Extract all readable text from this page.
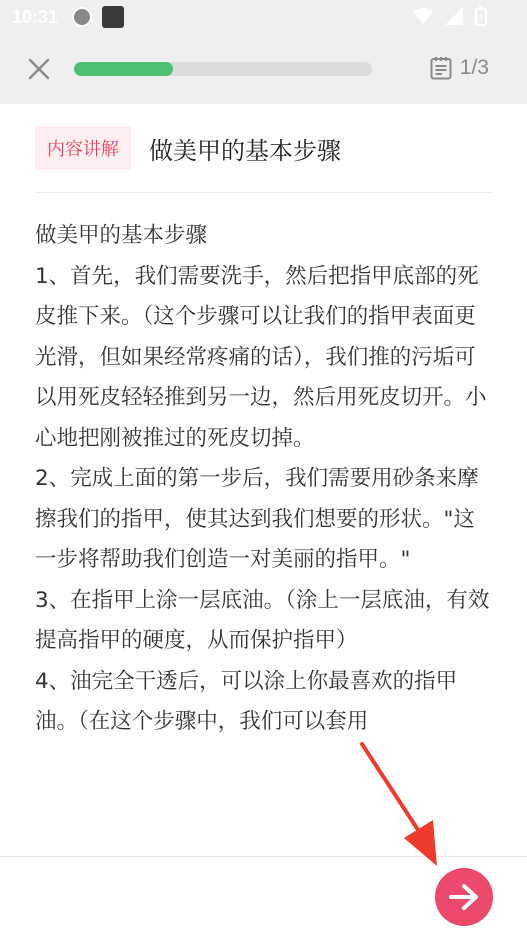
10:31
1/3
内容讲解	做美甲的基本步骤

做美甲的基本步骤

1、首先，我们需要洗手，然后把指甲底部的死皮推下来。（这个步骤可以让我们的指甲表面更光滑，但如果经常疼痛的话），我们推的污垢可以用死皮轻轻推到另一边，然后用死皮切开。小心地把刚被推过的死皮切掉。

2、完成上面的第一步后，我们需要用砂条来摩擦我们的指甲，使其达到我们想要的形状。"这一步将帮助我们创造一对美丽的指甲。"

3、在指甲上涂一层底油。（涂上一层底油，有效提高指甲的硬度，从而保护指甲）

4、油完全干透后，可以涂上你最喜欢的指甲油。（在这个步骤中，我们可以套用
